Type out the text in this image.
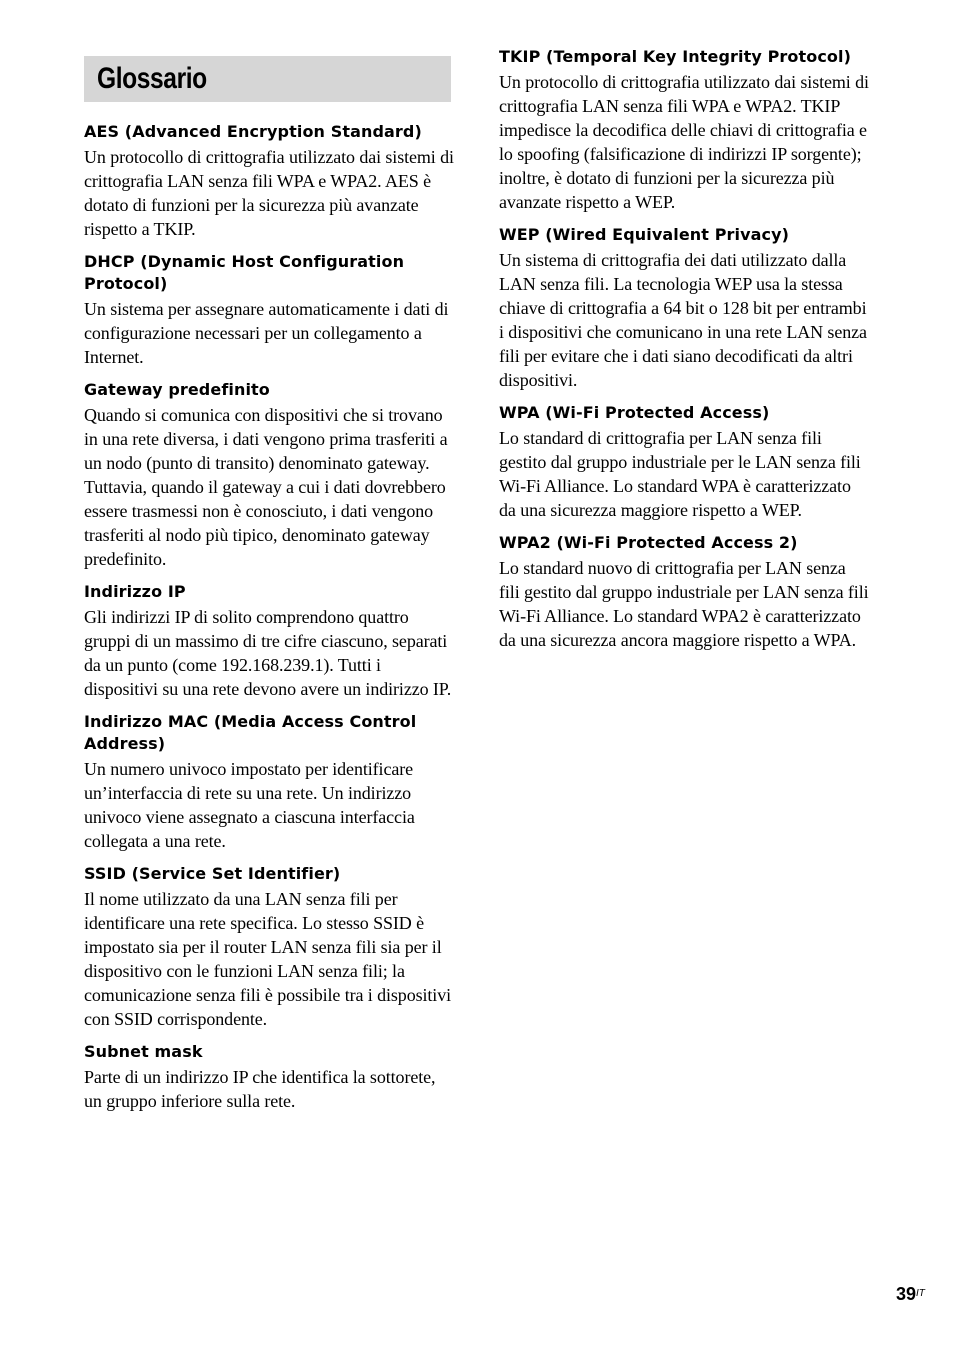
Glossario
AES (Advanced Encryption Standard)

Un protocollo di crittografia utilizzato dai sistemi di crittografia LAN senza fili WPA e WPA2. AES è dotato di funzioni per la sicurezza più avanzate rispetto a TKIP.

DHCP (Dynamic Host Configuration Protocol)

Un sistema per assegnare automaticamente i dati di configurazione necessari per un collegamento a Internet.

Gateway predefinito

Quando si comunica con dispositivi che si trovano in una rete diversa, i dati vengono prima trasferiti a un nodo (punto di transito) denominato gateway. Tuttavia, quando il gateway a cui i dati dovrebbero essere trasmessi non è conosciuto, i dati vengono trasferiti al nodo più tipico, denominato gateway predefinito.

Indirizzo IP

Gli indirizzi IP di solito comprendono quattro gruppi di un massimo di tre cifre ciascuno, separati da un punto (come 192.168.239.1). Tutti i dispositivi su una rete devono avere un indirizzo IP.

Indirizzo MAC (Media Access Control Address)

Un numero univoco impostato per identificare un’interfaccia di rete su una rete. Un indirizzo univoco viene assegnato a ciascuna interfaccia collegata a una rete.

SSID (Service Set Identifier)

Il nome utilizzato da una LAN senza fili per identificare una rete specifica. Lo stesso SSID è impostato sia per il router LAN senza fili sia per il dispositivo con le funzioni LAN senza fili; la comunicazione senza fili è possibile tra i dispositivi con SSID corrispondente.

Subnet mask

Parte di un indirizzo IP che identifica la sottorete, un gruppo inferiore sulla rete.

TKIP (Temporal Key Integrity Protocol)

Un protocollo di crittografia utilizzato dai sistemi di crittografia LAN senza fili WPA e WPA2. TKIP impedisce la decodifica delle chiavi di crittografia e lo spoofing (falsificazione di indirizzi IP sorgente); inoltre, è dotato di funzioni per la sicurezza più avanzate rispetto a WEP.

WEP (Wired Equivalent Privacy)

Un sistema di crittografia dei dati utilizzato dalla LAN senza fili. La tecnologia WEP usa la stessa chiave di crittografia a 64 bit o 128 bit per entrambi i dispositivi che comunicano in una rete LAN senza fili per evitare che i dati siano decodificati da altri dispositivi.

WPA (Wi-Fi Protected Access)

Lo standard di crittografia per LAN senza fili gestito dal gruppo industriale per le LAN senza fili Wi-Fi Alliance. Lo standard WPA è caratterizzato da una sicurezza maggiore rispetto a WEP.

WPA2 (Wi-Fi Protected Access 2)

Lo standard nuovo di crittografia per LAN senza fili gestito dal gruppo industriale per LAN senza fili Wi-Fi Alliance. Lo standard WPA2 è caratterizzato da una sicurezza ancora maggiore rispetto a WPA.

$39^{IT}$
